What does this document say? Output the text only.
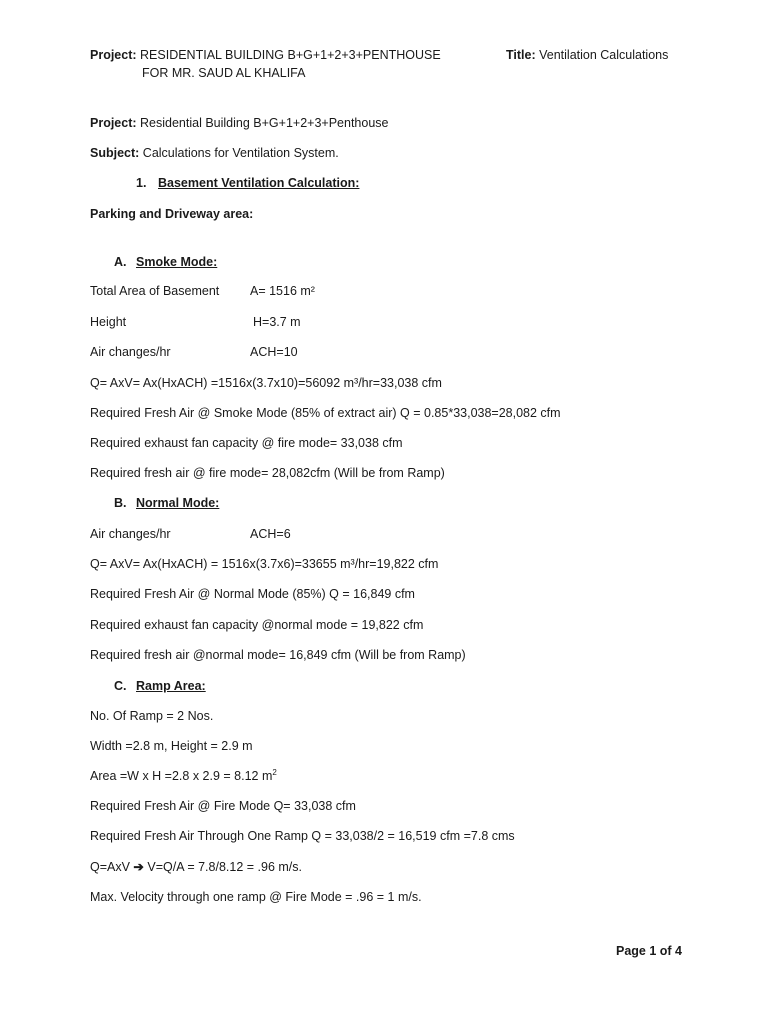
Project: RESIDENTIAL BUILDING B+G+1+2+3+PENTHOUSE
FOR MR. SAUD AL KHALIFA
Title: Ventilation Calculations
Project: Residential Building B+G+1+2+3+Penthouse
Subject: Calculations for Ventilation System.
1. Basement Ventilation Calculation:
Parking and Driveway area:
A. Smoke Mode:
Total Area of Basement A= 1516 m²
Height	H=3.7 m
Air changes/hr	ACH=10
Q= AxV= Ax(HxACH) =1516x(3.7x10)=56092 m³/hr=33,038 cfm
Required Fresh Air @ Smoke Mode (85% of extract air) Q = 0.85*33,038=28,082 cfm
Required exhaust fan capacity @ fire mode= 33,038 cfm
Required fresh air @ fire mode= 28,082cfm (Will be from Ramp)
B. Normal Mode:
Air changes/hr	ACH=6
Q= AxV= Ax(HxACH) = 1516x(3.7x6)=33655 m³/hr=19,822 cfm
Required Fresh Air @ Normal Mode (85%) Q = 16,849 cfm
Required exhaust fan capacity @normal mode = 19,822 cfm
Required fresh air @normal mode= 16,849 cfm (Will be from Ramp)
C. Ramp Area:
No. Of Ramp = 2 Nos.
Width =2.8 m, Height = 2.9 m
Area =W x H =2.8 x 2.9 = 8.12 $m^2$
Required Fresh Air @ Fire Mode Q= 33,038 cfm
Required Fresh Air Through One Ramp Q = 33,038/2 = 16,519 cfm =7.8 cms
Q=AxV ➔ V=Q/A = 7.8/8.12 = .96 m/s.
Max. Velocity through one ramp @ Fire Mode = .96 = 1 m/s.
Page 1 of 4
